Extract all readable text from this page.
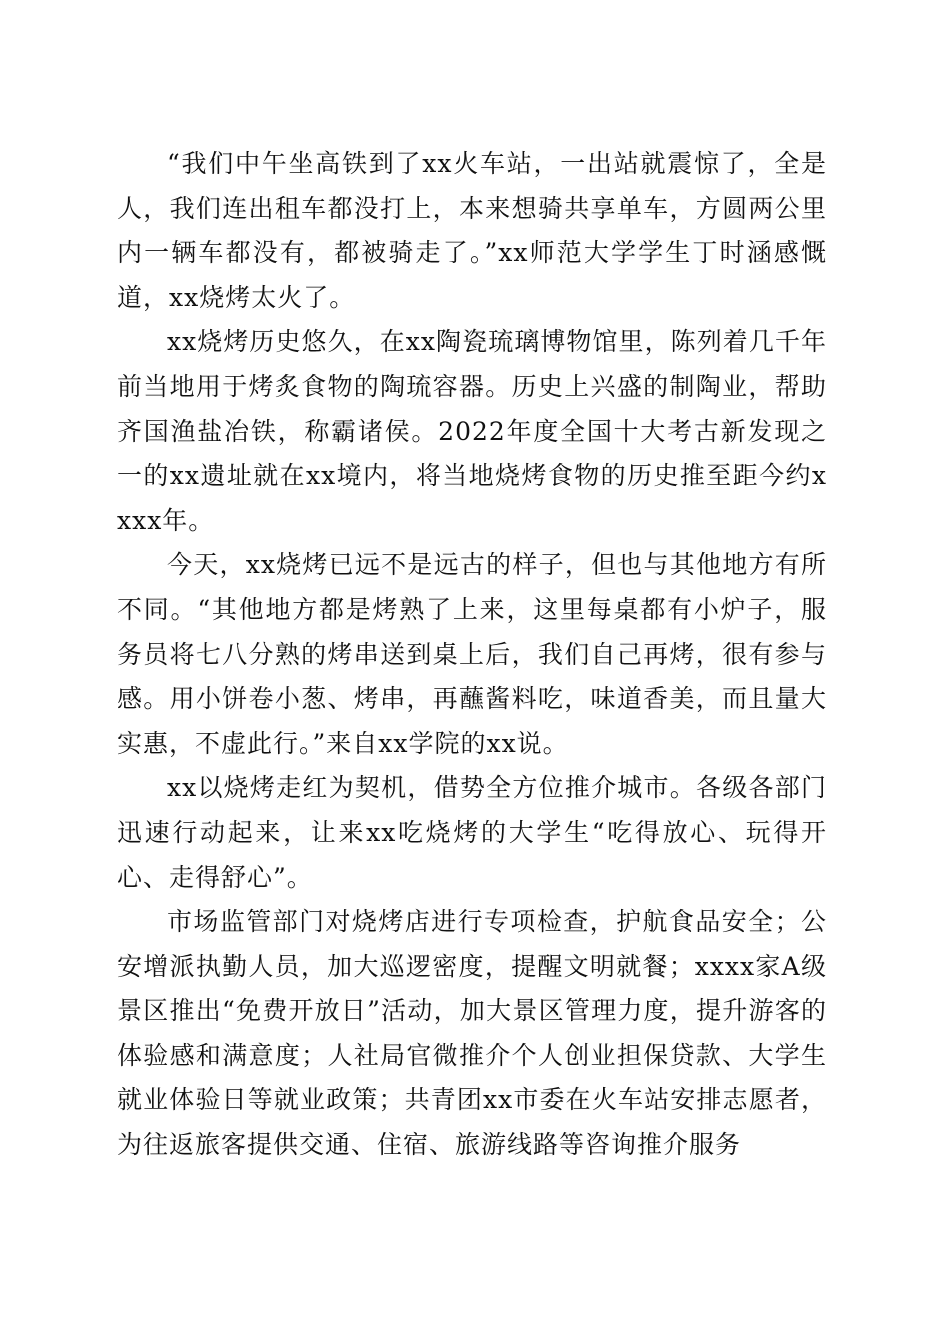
“我们中午坐高铁到了xx火车站，一出站就震惊了，全是人，我们连出租车都没打上，本来想骑共享单车，方圆两公里内一辆车都没有，都被骑走了。”xx师范大学学生丁时涵感慨道，xx烧烤太火了。

xx烧烤历史悠久，在xx陶瓷琉璃博物馆里，陈列着几千年前当地用于烤炙食物的陶琉容器。历史上兴盛的制陶业，帮助齐国渔盐冶铁，称霸诸侯。2022年度全国十大考古新发现之一的xx遗址就在xx境内，将当地烧烤食物的历史推至距今约xxxx年。

今天，xx烧烤已远不是远古的样子，但也与其他地方有所不同。“其他地方都是烤熟了上来，这里每桌都有小炉子，服务员将七八分熟的烤串送到桌上后，我们自己再烤，很有参与感。用小饼卷小葱、烤串，再蘸酱料吃，味道香美，而且量大实惠，不虚此行。”来自xx学院的xx说。

xx以烧烤走红为契机，借势全方位推介城市。各级各部门迅速行动起来，让来xx吃烧烤的大学生“吃得放心、玩得开心、走得舒心”。

市场监管部门对烧烤店进行专项检查，护航食品安全；公安增派执勤人员，加大巡逻密度，提醒文明就餐；xxxx家A级景区推出“免费开放日”活动，加大景区管理力度，提升游客的体验感和满意度；人社局官微推介个人创业担保贷款、大学生就业体验日等就业政策；共青团xx市委在火车站安排志愿者，为往返旅客提供交通、住宿、旅游线路等咨询推介服务
